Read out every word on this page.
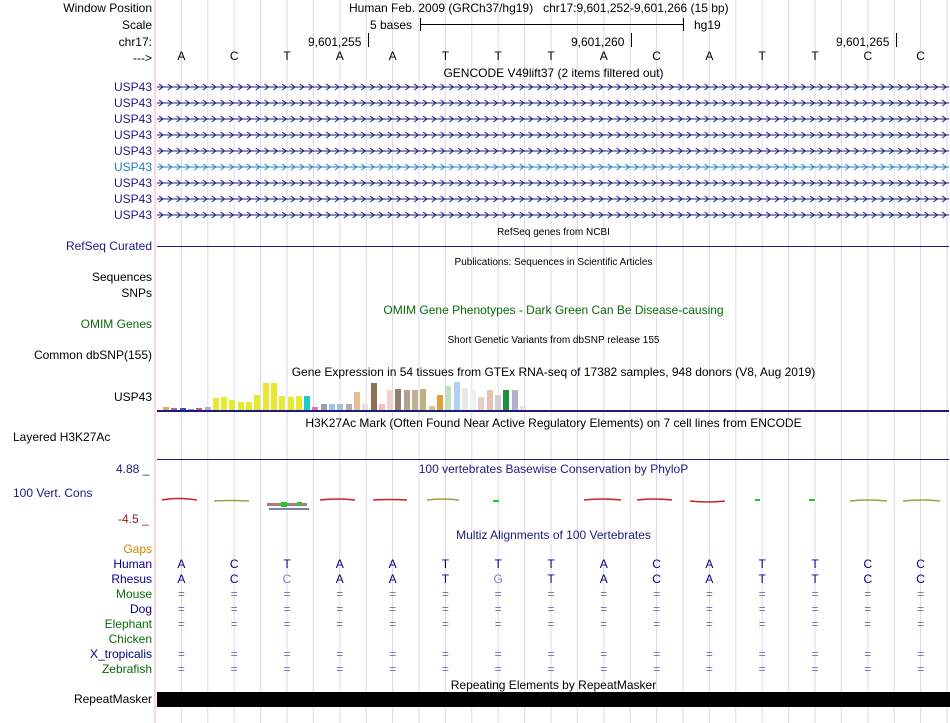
Window Position	Human Feb. 2009 (GRCh37/hg19)   chr17:9,601,252-9,601,266 (15 bp)
Scale	5 bases	hg19
chr17:	9,601,255	9,601,260	9,601,265
--->	A	C	T	A	A	T	T	T	A	C	A	T	T	C	C
GENCODE V49lift37 (2 items filtered out)
USP43
USP43
USP43
USP43
USP43
USP43
USP43
USP43
USP43
RefSeq genes from NCBI
RefSeq Curated
Publications: Sequences in Scientific Articles
Sequences
SNPs
OMIM Gene Phenotypes - Dark Green Can Be Disease-causing
OMIM Genes
Short Genetic Variants from dbSNP release 155
Common dbSNP(155)
Gene Expression in 54 tissues from GTEx RNA-seq of 17382 samples, 948 donors (V8, Aug 2019)
USP43
H3K27Ac Mark (Often Found Near Active Regulatory Elements) on 7 cell lines from ENCODE
Layered H3K27Ac
100 vertebrates Basewise Conservation by PhyloP
4.88 _
100 Vert. Cons
-4.5 _
Multiz Alignments of 100 Vertebrates
Gaps
Human	A	C	T	A	A	T	T	T	A	C	A	T	T	C	C
Rhesus	A	C	C	A	A	T	G	T	A	C	A	T	T	C	C
Mouse	=	=	=	=	=	=	=	=	=	=	=	=	=	=	=
Dog	=	=	=	=	=	=	=	=	=	=	=	=	=	=	=
Elephant	=	=	=	=	=	=	=	=	=	=	=	=	=	=	=
Chicken
X_tropicalis	=	=	=	=	=	=	=	=	=	=	=	=	=	=	=
Zebrafish	=	=	=	=	=	=	=	=	=	=	=	=	=	=	=
RepeatMasker
Repeating Elements by RepeatMasker
